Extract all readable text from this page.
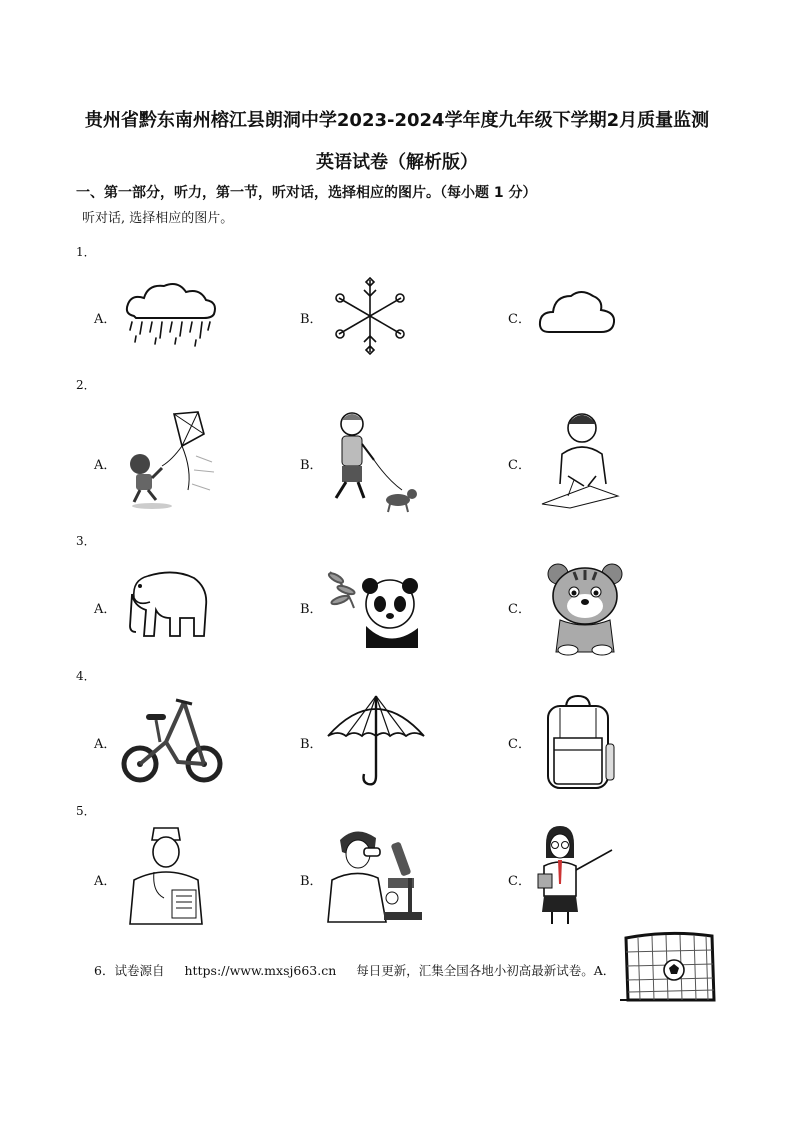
贵州省黔东南州榕江县朗洞中学2023-2024学年度九年级下学期2月质量监测
英语试卷（解析版）
一、第一部分，听力，第一节，听对话，选择相应的图片。（每小题 1 分）
听对话, 选择相应的图片。
1．
A．	B．	C．
2．
A．	B．	C．
3．
A．	B．	C．
4．
A．	B．	C．
5．
A．	B．	C．
6．试卷源自 https://www.mxsj663.cn 每日更新，汇集全国各地小初高最新试卷。A．
